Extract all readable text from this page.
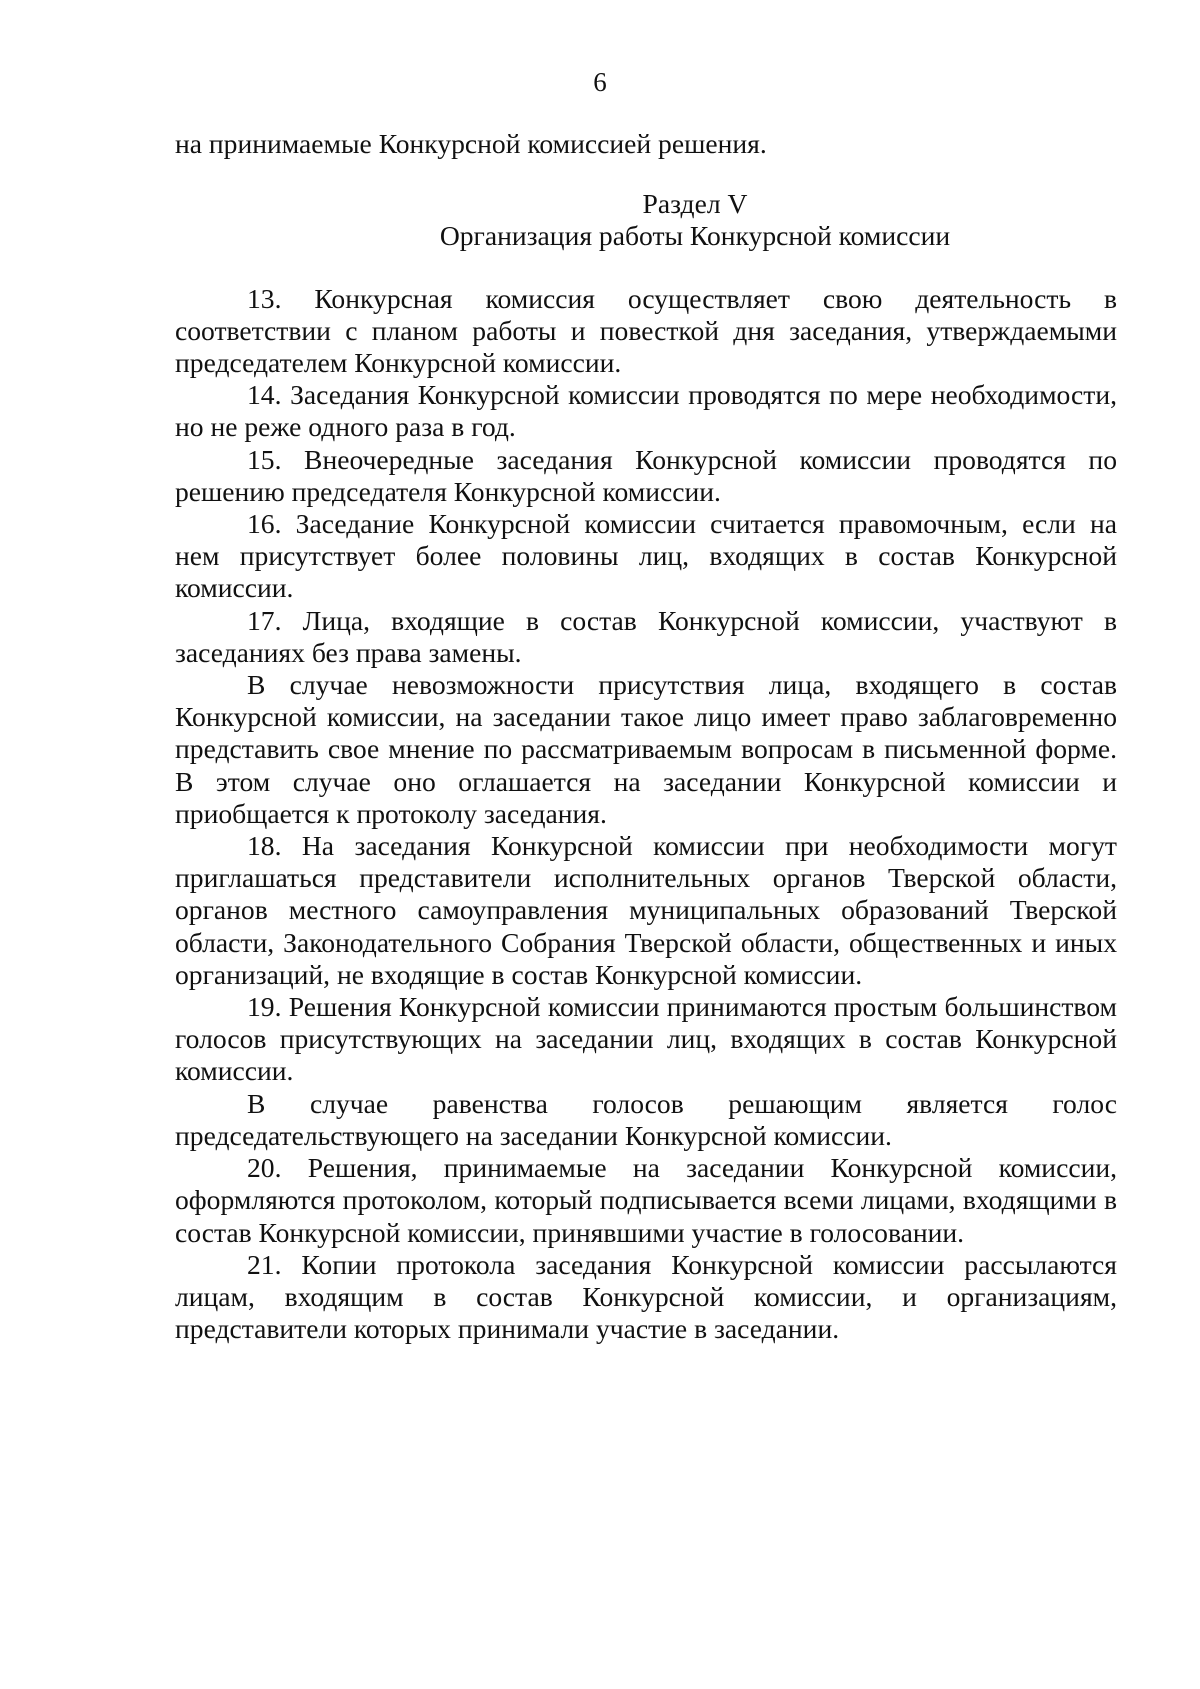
6

на принимаемые Конкурсной комиссией решения.

Раздел V
Организация работы Конкурсной комиссии

13. Конкурсная комиссия осуществляет свою деятельность в соответствии с планом работы и повесткой дня заседания, утверждаемыми председателем Конкурсной комиссии.

14. Заседания Конкурсной комиссии проводятся по мере необходимости, но не реже одного раза в год.

15. Внеочередные заседания Конкурсной комиссии проводятся по решению председателя Конкурсной комиссии.

16. Заседание Конкурсной комиссии считается правомочным, если на нем присутствует более половины лиц, входящих в состав Конкурсной комиссии.

17. Лица, входящие в состав Конкурсной комиссии, участвуют в заседаниях без права замены.

В случае невозможности присутствия лица, входящего в состав Конкурсной комиссии, на заседании такое лицо имеет право заблаговременно представить свое мнение по рассматриваемым вопросам в письменной форме. В этом случае оно оглашается на заседании Конкурсной комиссии и приобщается к протоколу заседания.

18. На заседания Конкурсной комиссии при необходимости могут приглашаться представители исполнительных органов Тверской области, органов местного самоуправления муниципальных образований Тверской области, Законодательного Собрания Тверской области, общественных и иных организаций, не входящие в состав Конкурсной комиссии.

19. Решения Конкурсной комиссии принимаются простым большинством голосов присутствующих на заседании лиц, входящих в состав Конкурсной комиссии.

В случае равенства голосов решающим является голос председательствующего на заседании Конкурсной комиссии.

20. Решения, принимаемые на заседании Конкурсной комиссии, оформляются протоколом, который подписывается всеми лицами, входящими в состав Конкурсной комиссии, принявшими участие в голосовании.

21. Копии протокола заседания Конкурсной комиссии рассылаются лицам, входящим в состав Конкурсной комиссии, и организациям, представители которых принимали участие в заседании.
